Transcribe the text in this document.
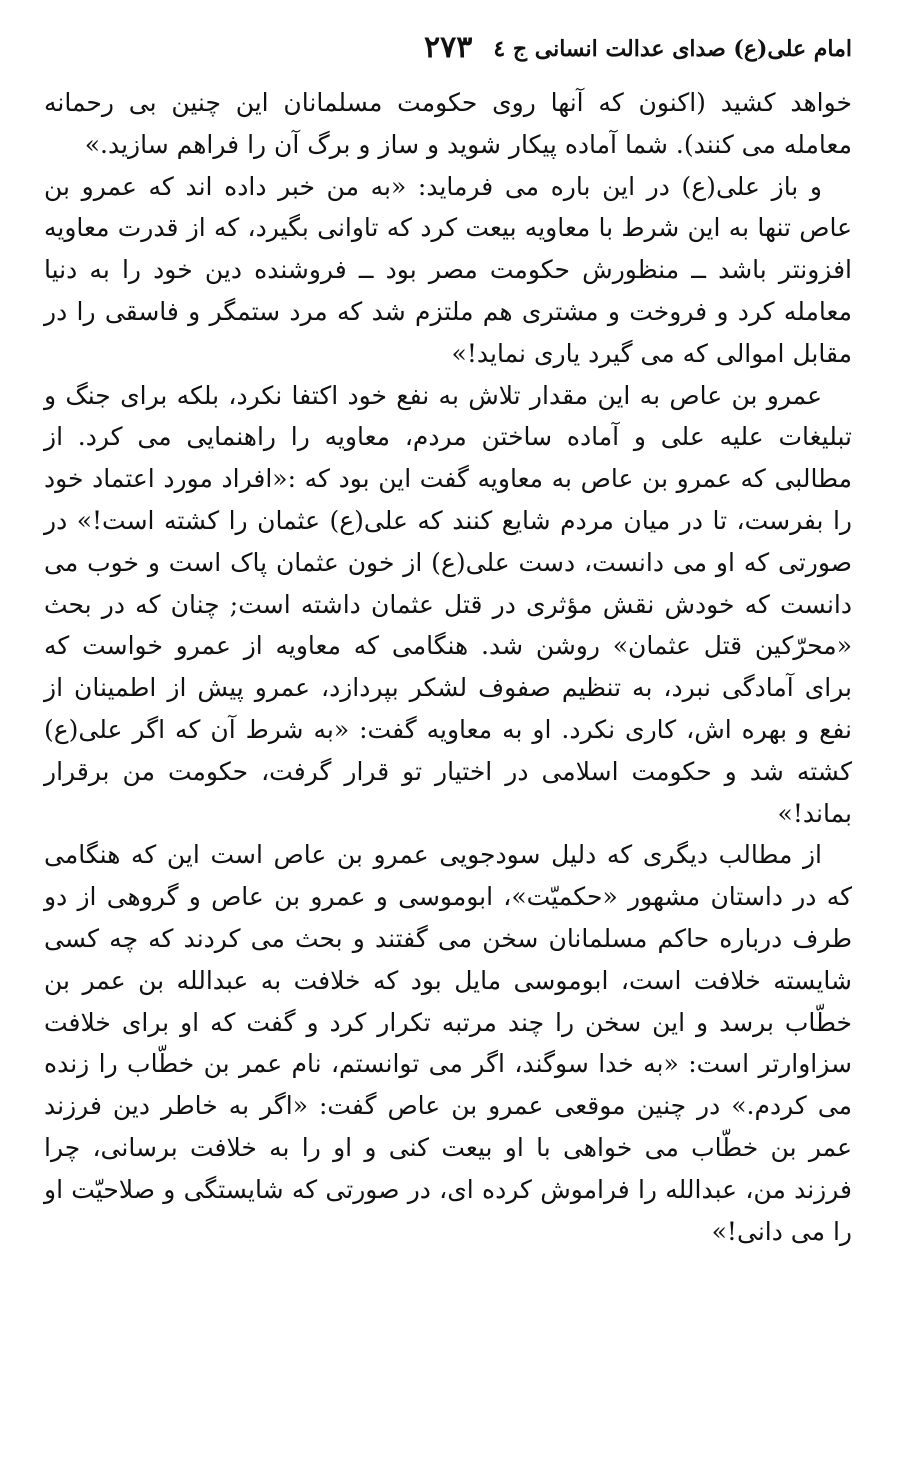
امام علی(ع) صدای عدالت انسانی ج ٤
٢٧٣

خواهد کشید (اکنون که آنها روی حکومت مسلمانان این چنین بی رحمانه معامله می کنند). شما آماده پیکار شوید و ساز و برگ آن را فراهم سازید.»

و باز علی(ع) در این باره می فرماید: «به من خبر داده اند که عمرو بن عاص تنها به این شرط با معاویه بیعت کرد که تاوانی بگیرد، که از قدرت معاویه افزونتر باشد ــ منظورش حکومت مصر بود ــ فروشنده دین خود را به دنیا معامله کرد و فروخت و مشتری هم ملتزم شد که مرد ستمگر و فاسقی را در مقابل اموالی که می گیرد یاری نماید!»

عمرو بن عاص به این مقدار تلاش به نفع خود اکتفا نکرد، بلکه برای جنگ و تبلیغات علیه علی و آماده ساختن مردم، معاویه را راهنمایی می کرد. از مطالبی که عمرو بن عاص به معاویه گفت این بود که :«افراد مورد اعتماد خود را بفرست، تا در میان مردم شایع کنند که علی(ع) عثمان را کشته است!» در صورتی که او می دانست، دست علی(ع) از خون عثمان پاک است و خوب می دانست که خودش نقش مؤثری در قتل عثمان داشته است; چنان که در بحث «محرّکین قتل عثمان» روشن شد. هنگامی که معاویه از عمرو خواست که برای آمادگی نبرد، به تنظیم صفوف لشکر بپردازد، عمرو پیش از اطمینان از نفع و بهره اش، کاری نکرد. او به معاویه گفت: «به شرط آن که اگر علی(ع) کشته شد و حکومت اسلامی در اختیار تو قرار گرفت، حکومت من برقرار بماند!»

از مطالب دیگری که دلیل سودجویی عمرو بن عاص است این که هنگامی که در داستان مشهور «حکمیّت»، ابوموسی و عمرو بن عاص و گروهی از دو طرف درباره حاکم مسلمانان سخن می گفتند و بحث می کردند که چه کسی شایسته خلافت است، ابوموسی مایل بود که خلافت به عبدالله بن عمر بن خطّاب برسد و این سخن را چند مرتبه تکرار کرد و گفت که او برای خلافت سزاوارتر است: «به خدا سوگند، اگر می توانستم، نام عمر بن خطّاب را زنده می کردم.» در چنین موقعی عمرو بن عاص گفت: «اگر به خاطر دین فرزند عمر بن خطّاب می خواهی با او بیعت کنی و او را به خلافت برسانی، چرا فرزند من، عبدالله را فراموش کرده ای، در صورتی که شایستگی و صلاحیّت او را می دانی!»
